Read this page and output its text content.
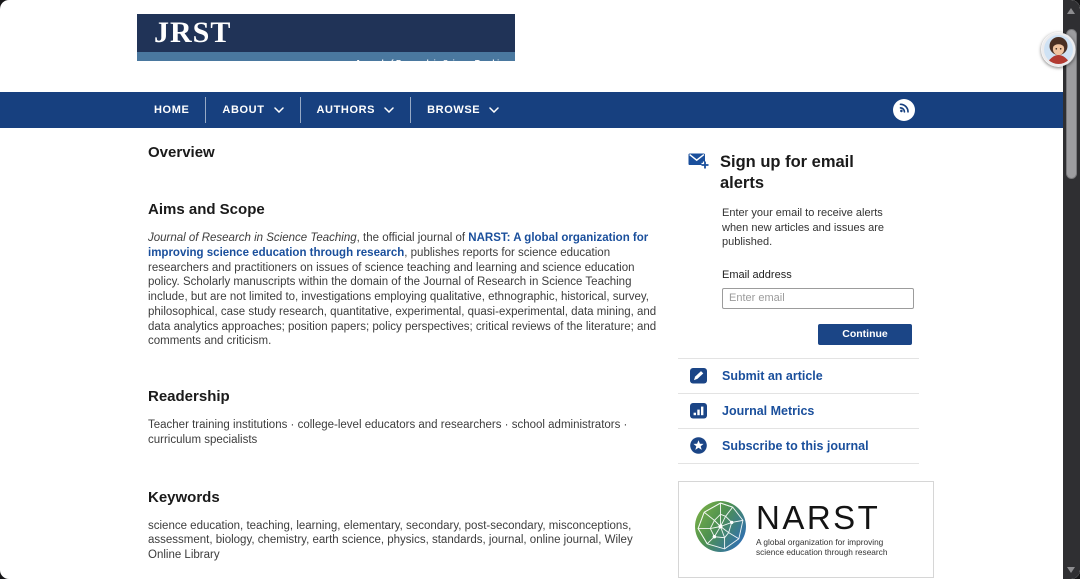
JRST
Journal of Research in Science Teaching
HOME	ABOUT	AUTHORS	BROWSE
Overview
Aims and Scope

Journal of Research in Science Teaching, the official journal of NARST: A global organization for improving science education through research, publishes reports for science education researchers and practitioners on issues of science teaching and learning and science education policy. Scholarly manuscripts within the domain of the Journal of Research in Science Teaching include, but are not limited to, investigations employing qualitative, ethnographic, historical, survey, philosophical, case study research, quantitative, experimental, quasi-experimental, data mining, and data analytics approaches; position papers; policy perspectives; critical reviews of the literature; and comments and criticism.

Readership

Teacher training institutions · college-level educators and researchers · school administrators · curriculum specialists

Keywords

science education, teaching, learning, elementary, secondary, post-secondary, misconceptions, assessment, biology, chemistry, earth science, physics, standards, journal, online journal, Wiley Online Library

Sign up for email alerts

Enter your email to receive alerts when new articles and issues are published.

Email address
Enter email
Continue
Submit an article
Journal Metrics
Subscribe to this journal
NARST
A global organization for improving science education through research
